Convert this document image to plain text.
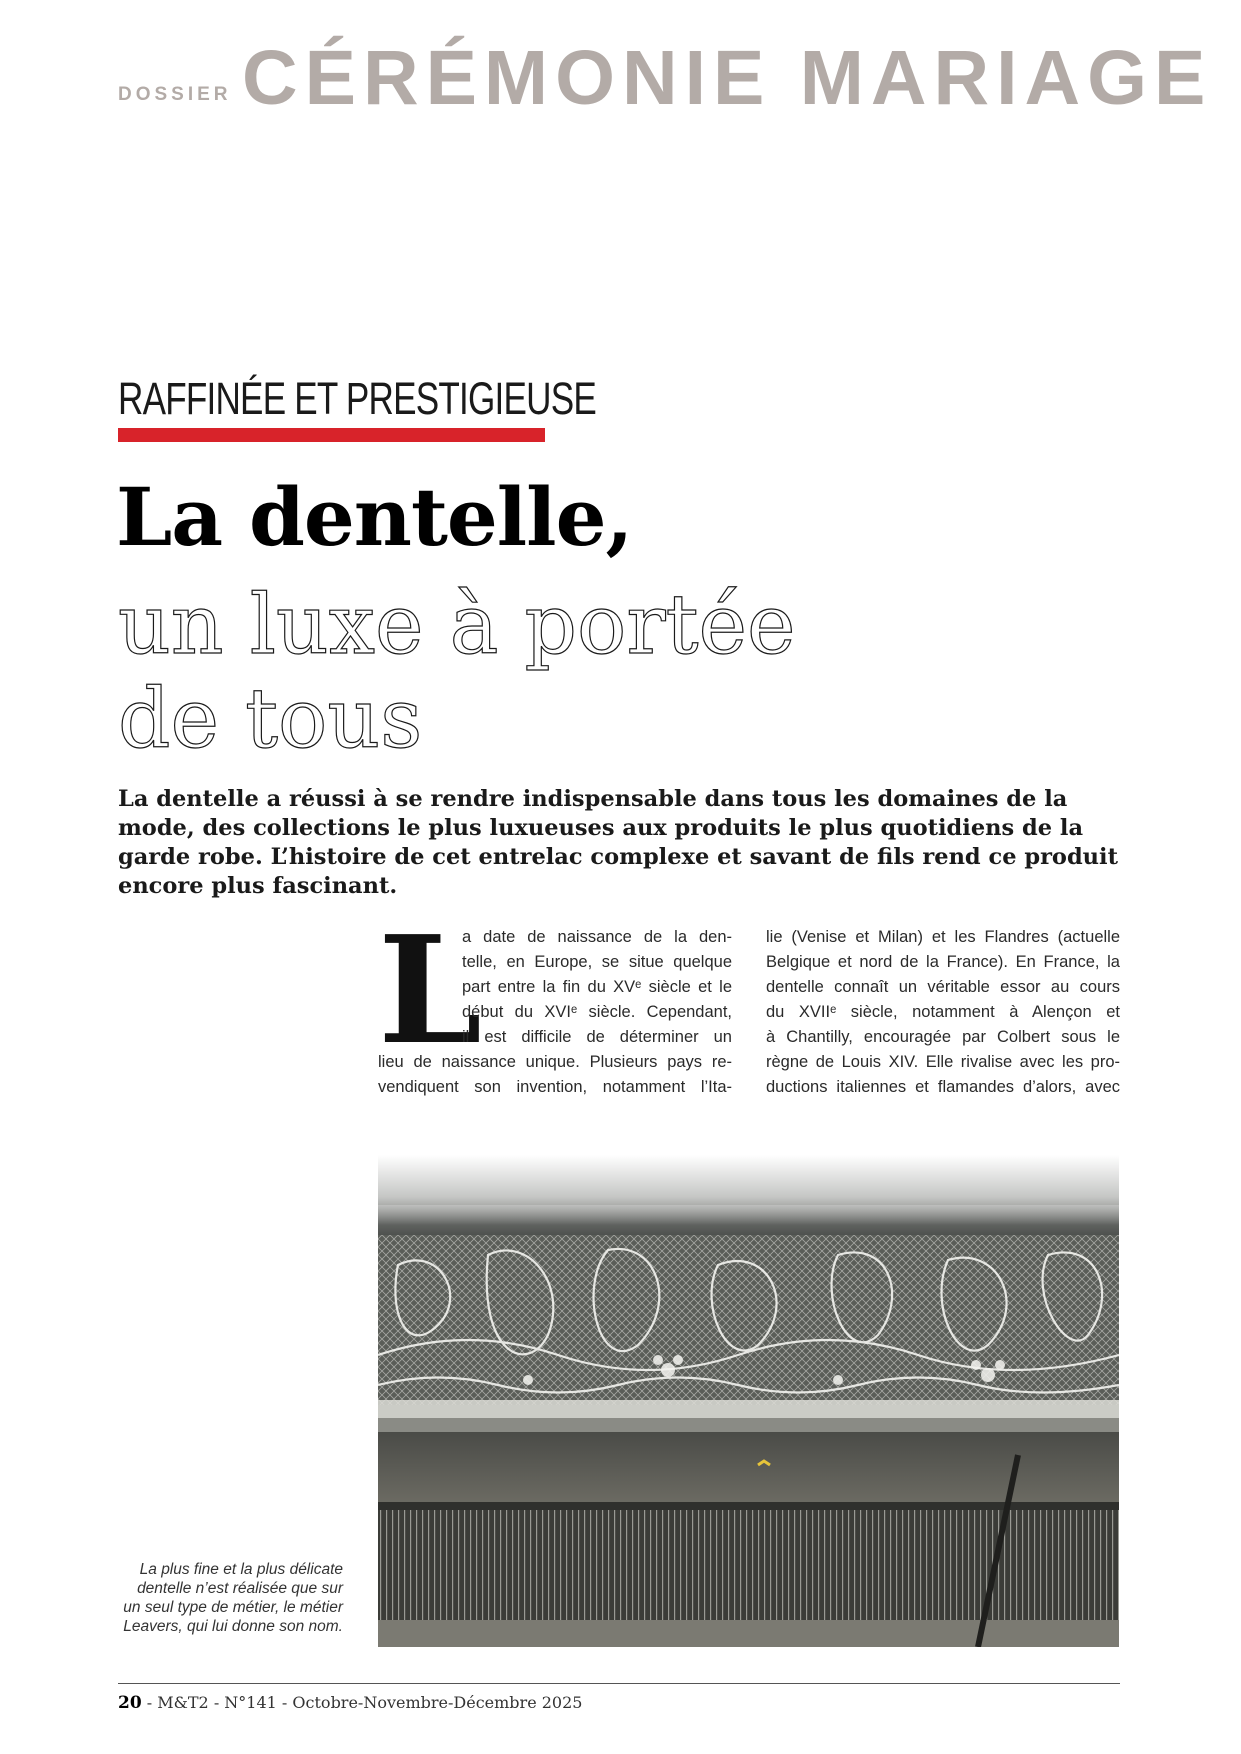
DOSSIER CÉRÉMONIE MARIAGE
RAFFINÉE ET PRESTIGIEUSE
La dentelle,
un luxe à portée
de tous
La dentelle a réussi à se rendre indispensable dans tous les domaines de la mode, des collections le plus luxueuses aux produits le plus quotidiens de la garde robe. L’histoire de cet entrelac complexe et savant de fils rend ce produit encore plus fascinant.
L
a date de naissance de la den-
telle, en Europe, se situe quelque
part entre la fin du XVᵉ siècle et le
début du XVIᵉ siècle. Cependant,
il est difficile de déterminer un
lieu de naissance unique. Plusieurs pays re-
vendiquent son invention, notamment l’Ita-
lie (Venise et Milan) et les Flandres (actuelle
Belgique et nord de la France). En France, la
dentelle connaît un véritable essor au cours
du XVIIᵉ siècle, notamment à Alençon et
à Chantilly, encouragée par Colbert sous le
règne de Louis XIV. Elle rivalise avec les pro-
ductions italiennes et flamandes d’alors, avec
La plus fine et la plus délicate dentelle n’est réalisée que sur un seul type de métier, le métier Leavers, qui lui donne son nom.
20 - M&T2 - N°141 - Octobre-Novembre-Décembre 2025
